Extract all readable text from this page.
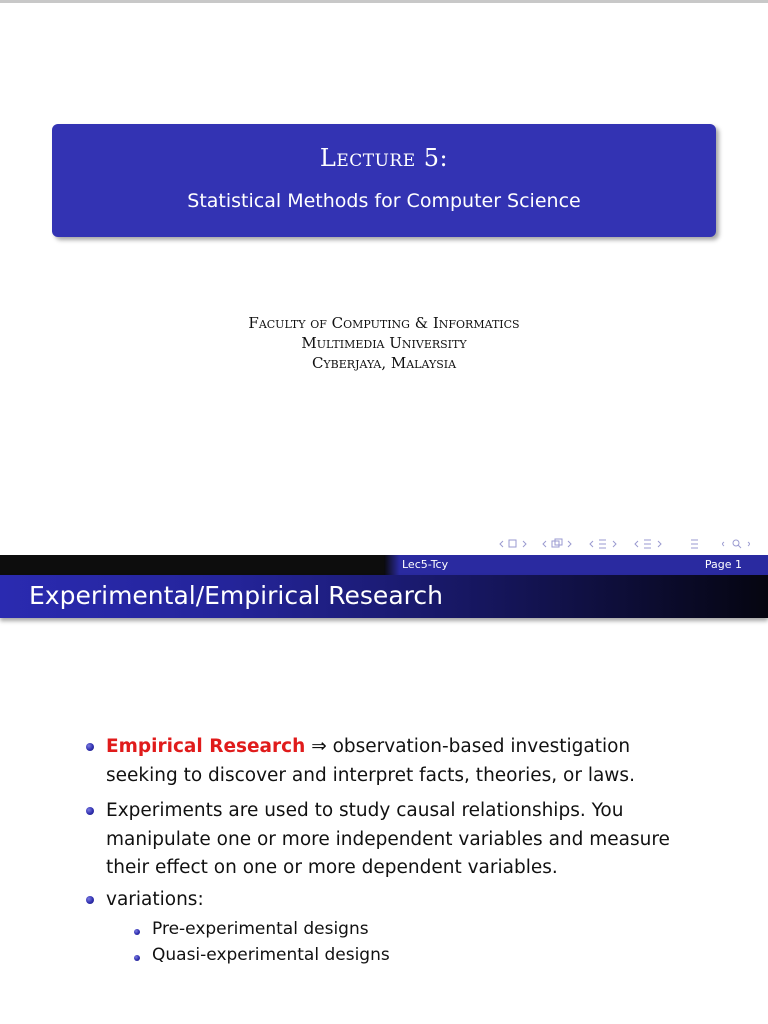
Lecture 5:
Statistical Methods for Computer Science
Faculty of Computing & Informatics
Multimedia University
Cyberjaya, Malaysia
Lec5-Tcy	Page 1
Experimental/Empirical Research
Empirical Research ⇒ observation-based investigation
seeking to discover and interpret facts, theories, or laws.
Experiments are used to study causal relationships. You
manipulate one or more independent variables and measure
their effect on one or more dependent variables.
variations:
Pre-experimental designs
Quasi-experimental designs
